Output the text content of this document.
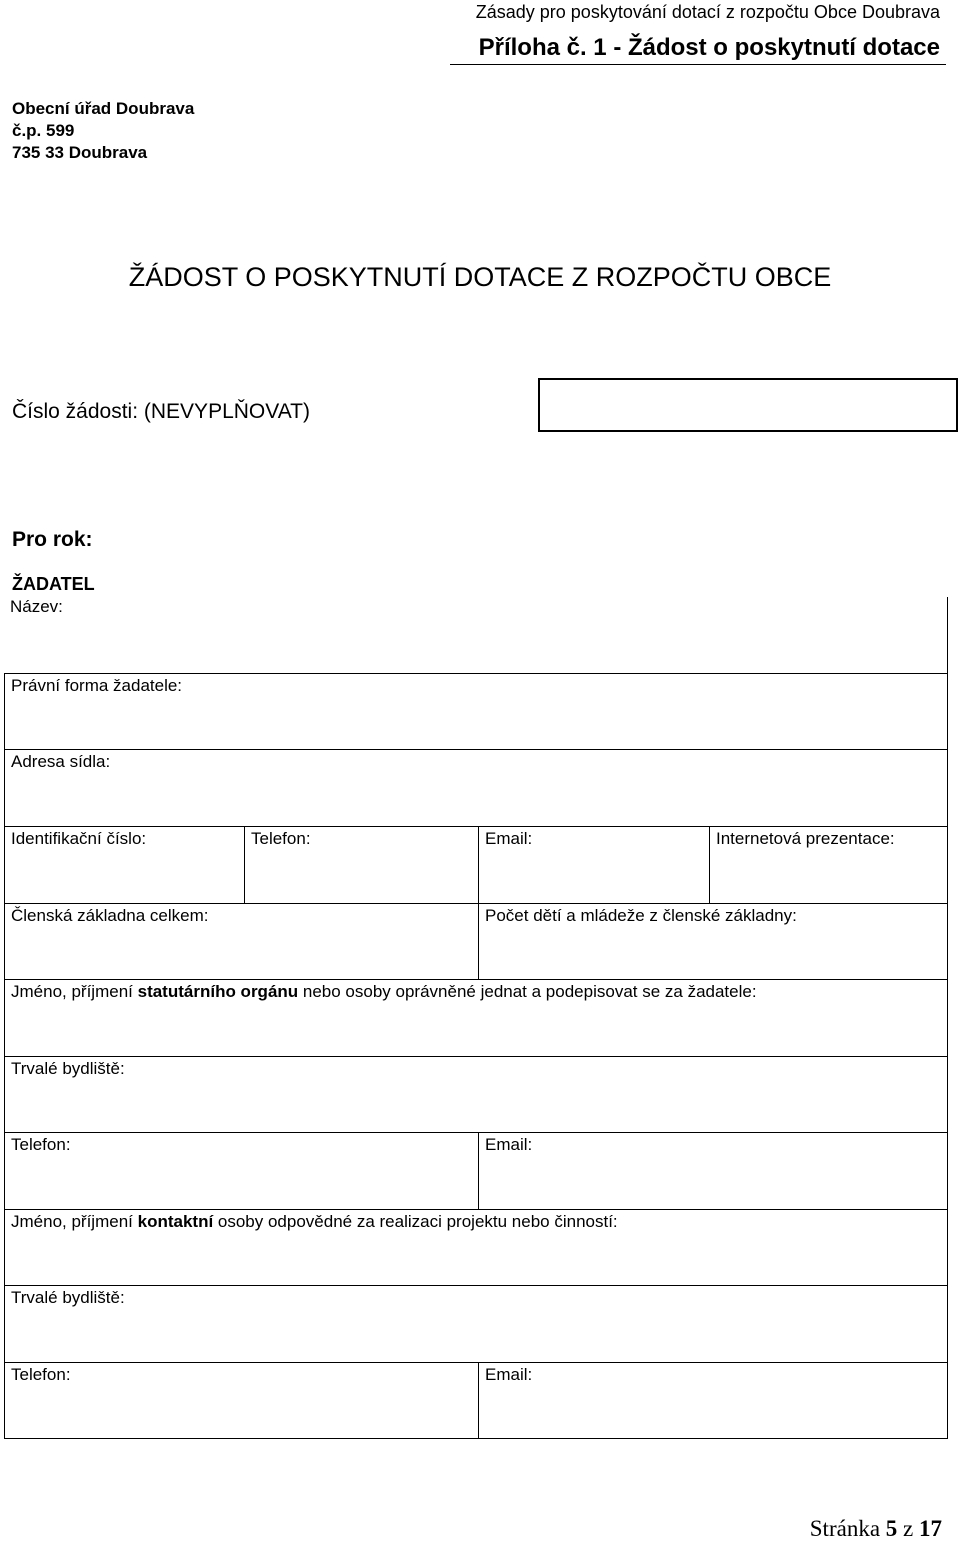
Zásady pro poskytování dotací z rozpočtu Obce Doubrava
Příloha č. 1 - Žádost o poskytnutí dotace
Obecní úřad Doubrava
č.p. 599
735 33 Doubrava
ŽÁDOST O POSKYTNUTÍ DOTACE Z ROZPOČTU OBCE
Číslo žádosti: (NEVYPLŇOVAT)
Pro rok:
ŽADATEL
Název:
Právní forma žadatele:
Adresa sídla:
Identifikační číslo:	Telefon:	Email:	Internetová prezentace:
Členská základna celkem:	Počet dětí a mládeže z členské základny:
Jméno, příjmení statutárního orgánu nebo osoby oprávněné jednat a podepisovat se za žadatele:
Trvalé bydliště:
Telefon:	Email:
Jméno, příjmení kontaktní osoby odpovědné za realizaci projektu nebo činností:
Trvalé bydliště:
Telefon:	Email:
Stránka 5 z 17
